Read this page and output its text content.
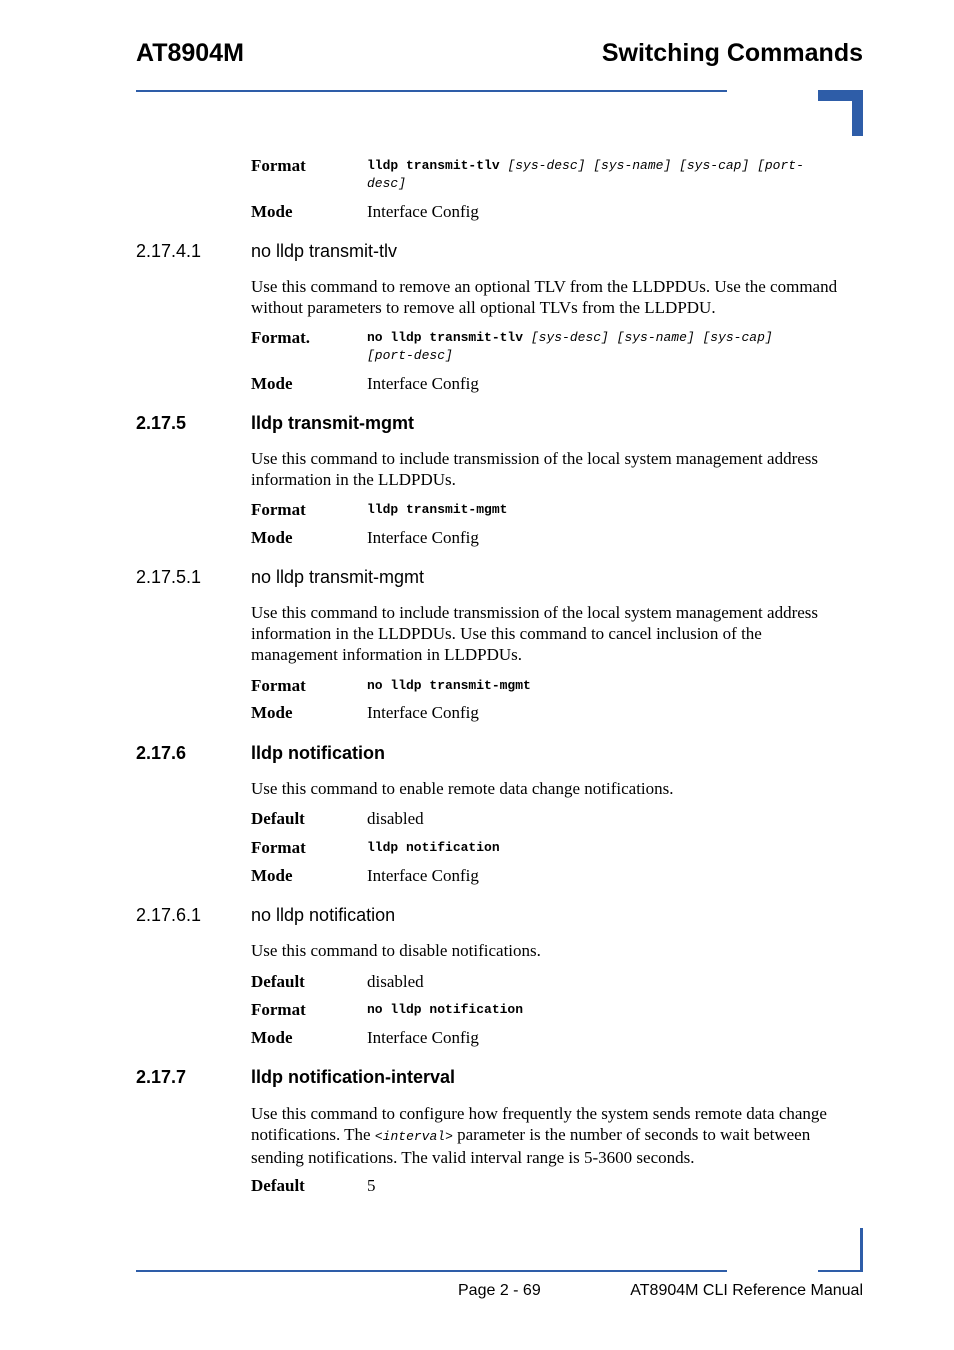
AT8904M	Switching Commands
Format	lldp transmit-tlv [sys-desc] [sys-name] [sys-cap] [port-
desc]
Mode	Interface Config
2.17.4.1	no lldp transmit-tlv
Use this command to remove an optional TLV from the LLDPDUs. Use the command
without parameters to remove all optional TLVs from the LLDPDU.
Format.	no lldp transmit-tlv [sys-desc] [sys-name] [sys-cap]
[port-desc]
Mode	Interface Config
2.17.5	lldp transmit-mgmt
Use this command to include transmission of the local system management address
information in the LLDPDUs.
Format	lldp transmit-mgmt
Mode	Interface Config
2.17.5.1	no lldp transmit-mgmt
Use this command to include transmission of the local system management address
information in the LLDPDUs. Use this command to cancel inclusion of the
management information in LLDPDUs.
Format	no lldp transmit-mgmt
Mode	Interface Config
2.17.6	lldp notification
Use this command to enable remote data change notifications.
Default	disabled
Format	lldp notification
Mode	Interface Config
2.17.6.1	no lldp notification
Use this command to disable notifications.
Default	disabled
Format	no lldp notification
Mode	Interface Config
2.17.7	lldp notification-interval
Use this command to configure how frequently the system sends remote data change
notifications. The <interval> parameter is the number of seconds to wait between
sending notifications. The valid interval range is 5-3600 seconds.
Default	5
Page 2 - 69	AT8904M CLI Reference Manual
